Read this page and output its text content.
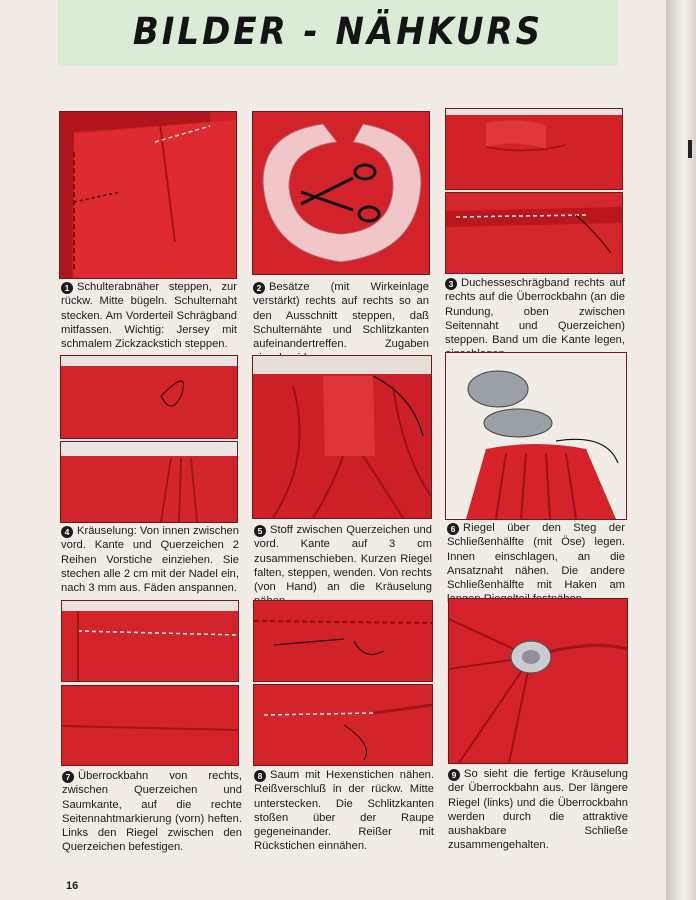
BILDER - NÄHKURS
1 Schulterabnäher steppen, zur rückw. Mitte bügeln. Schulternaht stecken. Am Vorderteil Schrägband mitfassen. Wichtig: Jersey mit schmalem Zickzackstich steppen.
2 Besätze (mit Wirkeinlage verstärkt) rechts auf rechts so an den Ausschnitt steppen, daß Schulternähte und Schlitzkanten aufeinandertreffen. Zugaben
3 Duchesseschrägband rechts auf rechts auf die Überrockbahn (an die Rundung, oben zwischen Seitennaht und Querzeichen) steppen. Band um die Kante legen,
4 Kräuselung: Von innen zwischen vord. Kante und Querzeichen 2 Reihen Vorstiche einziehen. Sie stechen alle 2 cm mit der Nadel ein, nach 3 mm aus. Fäden anspannen.
5 Stoff zwischen Querzeichen und vord. Kante auf 3 cm zusammenschieben. Kurzen Riegel falten, steppen, wenden. Von rechts (von Hand) an die Kräuselung
6 Riegel über den Steg der Schließenhälfte (mit Öse) legen. Innen einschlagen, an die Ansatznaht nähen. Die andere Schließenhälfte mit Haken am
7 Überrockbahn von rechts, zwischen Querzeichen und Saumkante, auf die rechte Seitennahtmarkierung (vorn) heften. Links den Riegel zwischen den Querzeichen befestigen.
8 Saum mit Hexenstichen nähen. Reißverschluß in der rückw. Mitte unterstecken. Die Schlitzkanten stoßen über der Raupe gegeneinander. Reißer mit Rückstichen einnähen.
9 So sieht die fertige Kräuselung der Überrockbahn aus. Der längere Riegel (links) und die Überrockbahn werden durch die attraktive aushakbare Schließe zusammengehalten.
16
